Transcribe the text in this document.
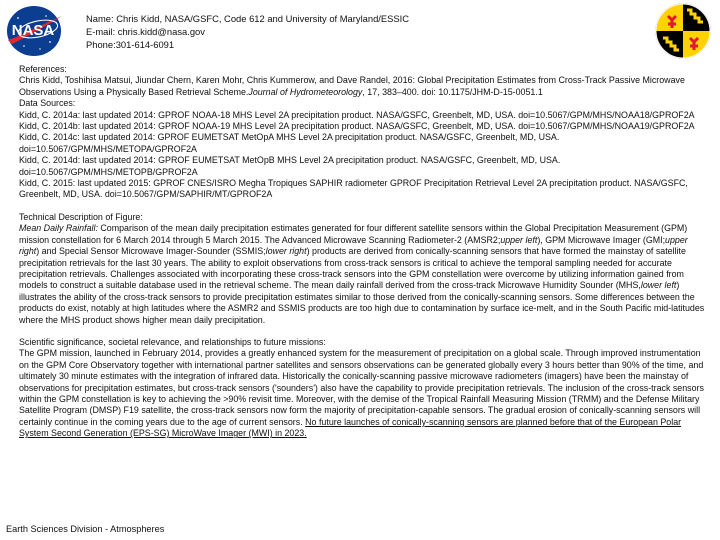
NASA
Name: Chris Kidd, NASA/GSFC, Code 612 and University of Maryland/ESSIC
E-mail: chris.kidd@nasa.gov
Phone:301-614-6091

References:

Chris Kidd, Toshihisa Matsui, Jiundar Chern, Karen Mohr, Chris Kummerow, and Dave Randel, 2016: Global Precipitation Estimates from Cross-Track Passive Microwave Observations Using a Physically Based Retrieval Scheme.Journal of Hydrometeorology, 17, 383–400. doi: 10.1175/JHM-D-15-0051.1

Data Sources:

Kidd, C. 2014a: last updated 2014: GPROF NOAA-18 MHS Level 2A precipitation product. NASA/GSFC, Greenbelt, MD, USA. doi=10.5067/GPM/MHS/NOAA18/GPROF2A

Kidd, C. 2014b: last updated 2014: GPROF NOAA-19 MHS Level 2A precipitation product. NASA/GSFC, Greenbelt, MD, USA. doi=10.5067/GPM/MHS/NOAA19/GPROF2A

Kidd, C. 2014c: last updated 2014: GPROF EUMETSAT MetOpA MHS Level 2A precipitation product. NASA/GSFC, Greenbelt, MD, USA. doi=10.5067/GPM/MHS/METOPA/GPROF2A

Kidd, C. 2014d: last updated 2014: GPROF EUMETSAT MetOpB MHS Level 2A precipitation product. NASA/GSFC, Greenbelt, MD, USA. doi=10.5067/GPM/MHS/METOPB/GPROF2A

Kidd, C. 2015: last updated 2015: GPROF CNES/ISRO Megha Tropiques SAPHIR radiometer GPROF Precipitation Retrieval Level 2A precipitation product. NASA/GSFC, Greenbelt, MD, USA. doi=10.5067/GPM/SAPHIR/MT/GPROF2A

Technical Description of Figure:

Mean Daily Rainfall: Comparison of the mean daily precipitation estimates generated for four different satellite sensors within the Global Precipitation Measurement (GPM) mission constellation for 6 March 2014 through 5 March 2015. The Advanced Microwave Scanning Radiometer-2 (AMSR2;upper left), GPM Microwave Imager (GMI;upper right) and Special Sensor Microwave Imager-Sounder (SSMIS;lower right) products are derived from conically-scanning sensors that have formed the mainstay of satellite precipitation retrievals for the last 30 years. The ability to exploit observations from cross-track sensors is critical to achieve the temporal sampling needed for accurate precipitation retrievals. Challenges associated with incorporating these cross-track sensors into the GPM constellation were overcome by utilizing information gained from models to construct a suitable database used in the retrieval scheme. The mean daily rainfall derived from the cross-track Microwave Humidity Sounder (MHS,lower left) illustrates the ability of the cross-track sensors to provide precipitation estimates similar to those derived from the conically-scanning sensors. Some differences between the products do exist, notably at high latitudes where the ASMR2 and SSMIS products are too high due to contamination by surface ice-melt, and in the South Pacific mid-latitudes where the MHS product shows higher mean daily precipitation.

Scientific significance, societal relevance, and relationships to future missions:

The GPM mission, launched in February 2014, provides a greatly enhanced system for the measurement of precipitation on a global scale. Through improved instrumentation on the GPM Core Observatory together with international partner satellites and sensors observations can be generated globally every 3 hours better than 90% of the time, and ultimately 30 minute estimates with the integration of infrared data. Historically the conically-scanning passive microwave radiometers (imagers) have been the mainstay of observations for precipitation estimates, but cross-track sensors ('sounders') also have the capability to provide precipitation retrievals. The inclusion of the cross-track sensors within the GPM constellation is key to achieving the >90% revisit time. Moreover, with the demise of the Tropical Rainfall Measuring Mission (TRMM) and the Defense Military Satellite Program (DMSP) F19 satellite, the cross-track sensors now form the majority of precipitation-capable sensors. The gradual erosion of conically-scanning sensors will certainly continue in the coming years due to the age of current sensors. No future launches of conically-scanning sensors are planned before that of the European Polar System Second Generation (EPS-SG) MicroWave Imager (MWI) in 2023.

Earth Sciences Division - Atmospheres
